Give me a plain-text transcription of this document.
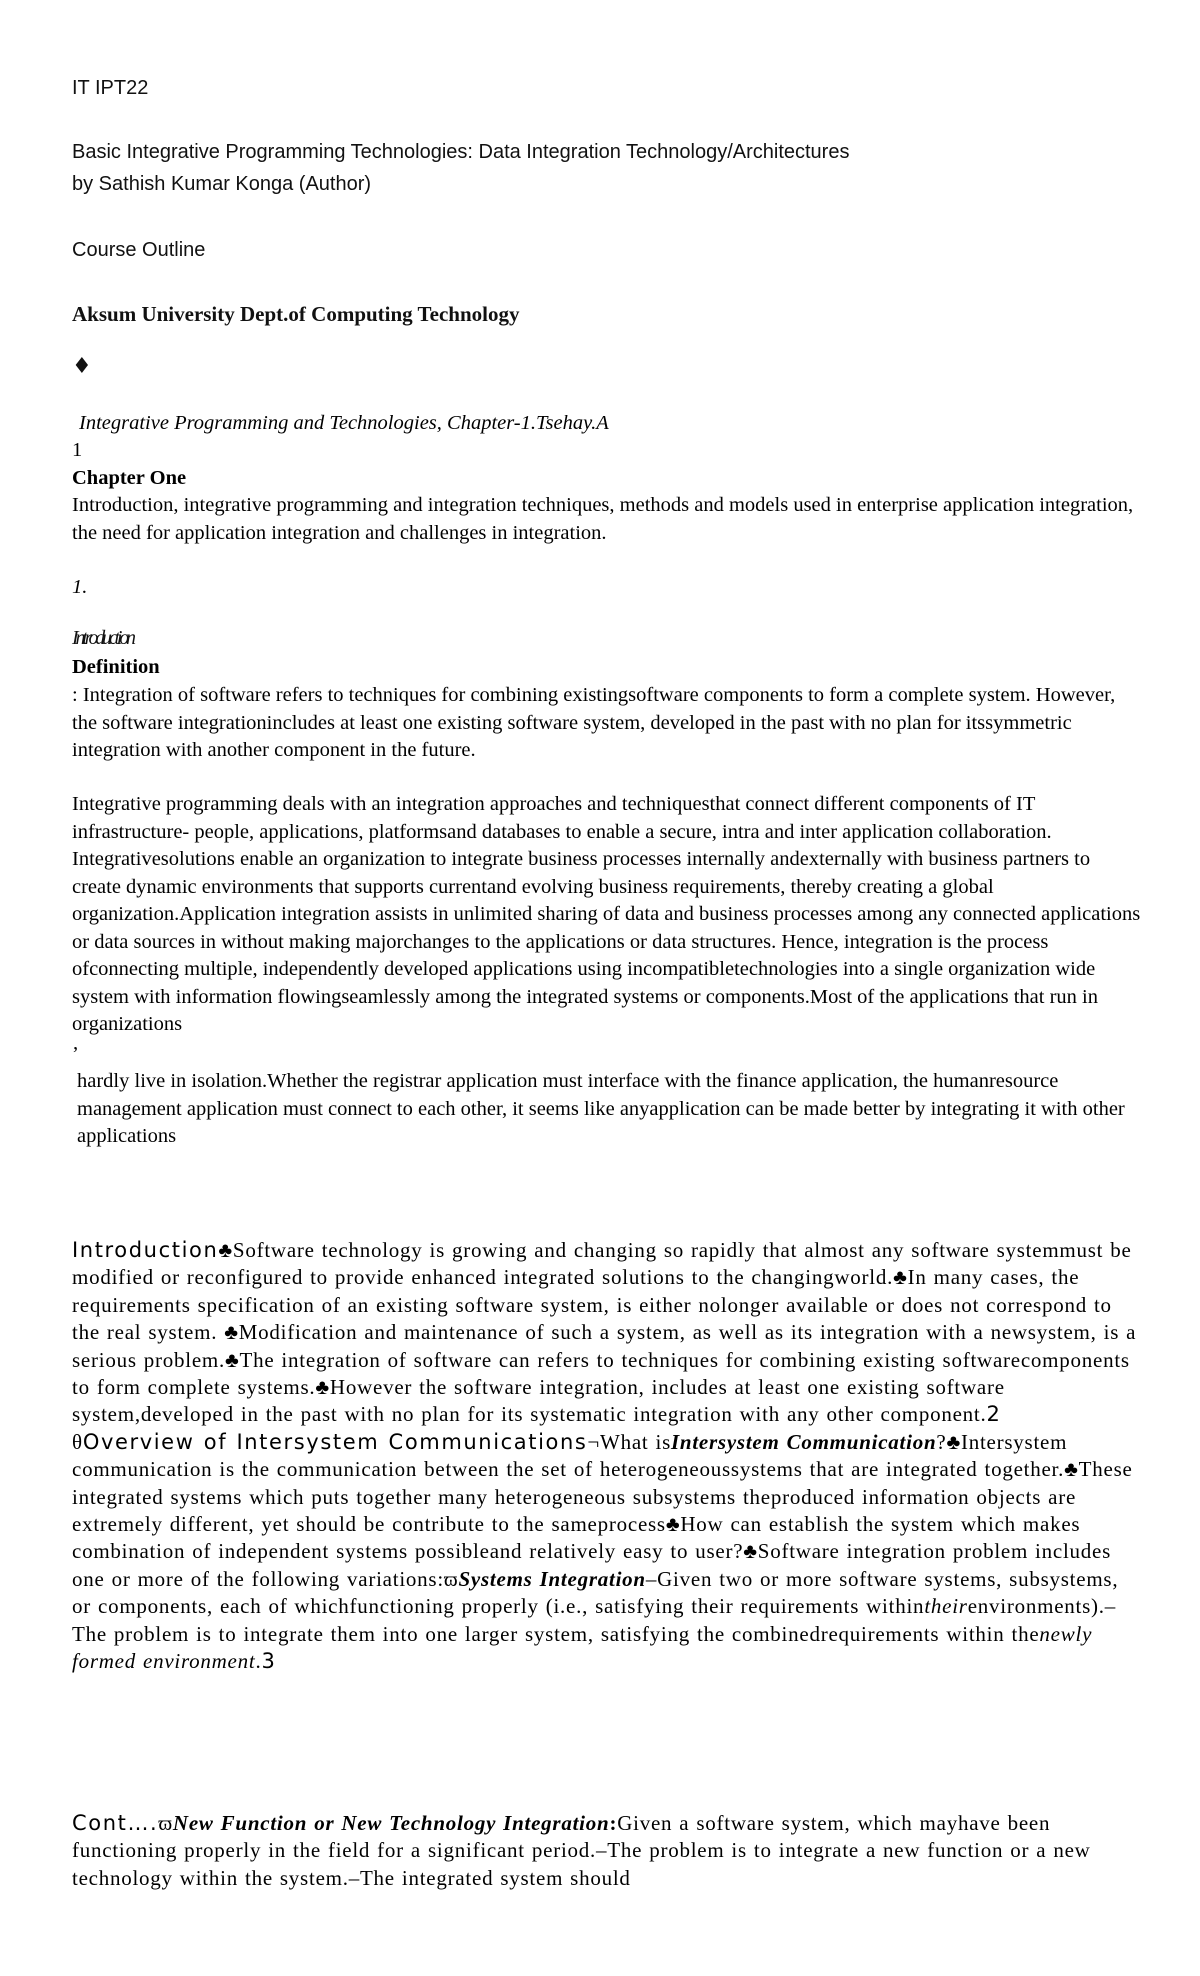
IT IPT22
Basic Integrative Programming Technologies: Data Integration Technology/Architectures
by Sathish Kumar Konga (Author)
Course Outline
Aksum University Dept.of Computing Technology
♦
Integrative Programming and Technologies, Chapter-1.Tsehay.A
1
Chapter One
Introduction, integrative programming and integration techniques, methods and models used in enterprise application integration, the need for application integration and challenges in integration.
1.
Introduction
Definition
: Integration of software refers to techniques for combining existingsoftware components to form a complete system. However, the software integrationincludes at least one existing software system, developed in the past with no plan for itssymmetric integration with another component in the future.
Integrative programming deals with an integration approaches and techniquesthat connect different components of IT infrastructure- people, applications, platformsand databases to enable a secure, intra and inter application collaboration. Integrativesolutions enable an organization to integrate business processes internally andexternally with business partners to create dynamic environments that supports currentand evolving business requirements, thereby creating a global organization.Application integration assists in unlimited sharing of data and business processes among any connected applications or data sources in without making majorchanges to the applications or data structures. Hence, integration is the process ofconnecting multiple, independently developed applications using incompatibletechnologies into a single organization wide system with information flowingseamlessly among the integrated systems or components.Most of the applications that run in organizations
’
hardly live in isolation.Whether the registrar application must interface with the finance application, the humanresource management application must connect to each other, it seems like anyapplication can be made better by integrating it with other applications
Introduction♣Software technology is growing and changing so rapidly that almost any software systemmust be modified or reconfigured to provide enhanced integrated solutions to the changingworld.♣In many cases, the requirements specification of an existing software system, is either nolonger available or does not correspond to the real system. ♣Modification and maintenance of such a system, as well as its integration with a newsystem, is a serious problem.♣The integration of software can refers to techniques for combining existing softwarecomponents to form complete systems.♣However the software integration, includes at least one existing software system,developed in the past with no plan for its systematic integration with any other component.2
θOverview of Intersystem Communications¬What isIntersystem Communication?♣Intersystem communication is the communication between the set of heterogeneoussystems that are integrated together.♣These integrated systems which puts together many heterogeneous subsystems theproduced information objects are extremely different, yet should be contribute to the sameprocess♣How can establish the system which makes combination of independent systems possibleand relatively easy to user?♣Software integration problem includes one or more of the following variations:ϖSystems Integration–Given two or more software systems, subsystems, or components, each of whichfunctioning properly (i.e., satisfying their requirements withintheirenvironments).–The problem is to integrate them into one larger system, satisfying the combinedrequirements within thenewly formed environment.3
Cont….ϖNew Function or New Technology Integration:Given a software system, which mayhave been functioning properly in the field for a significant period.–The problem is to integrate a new function or a new technology within the system.–The integrated system should
